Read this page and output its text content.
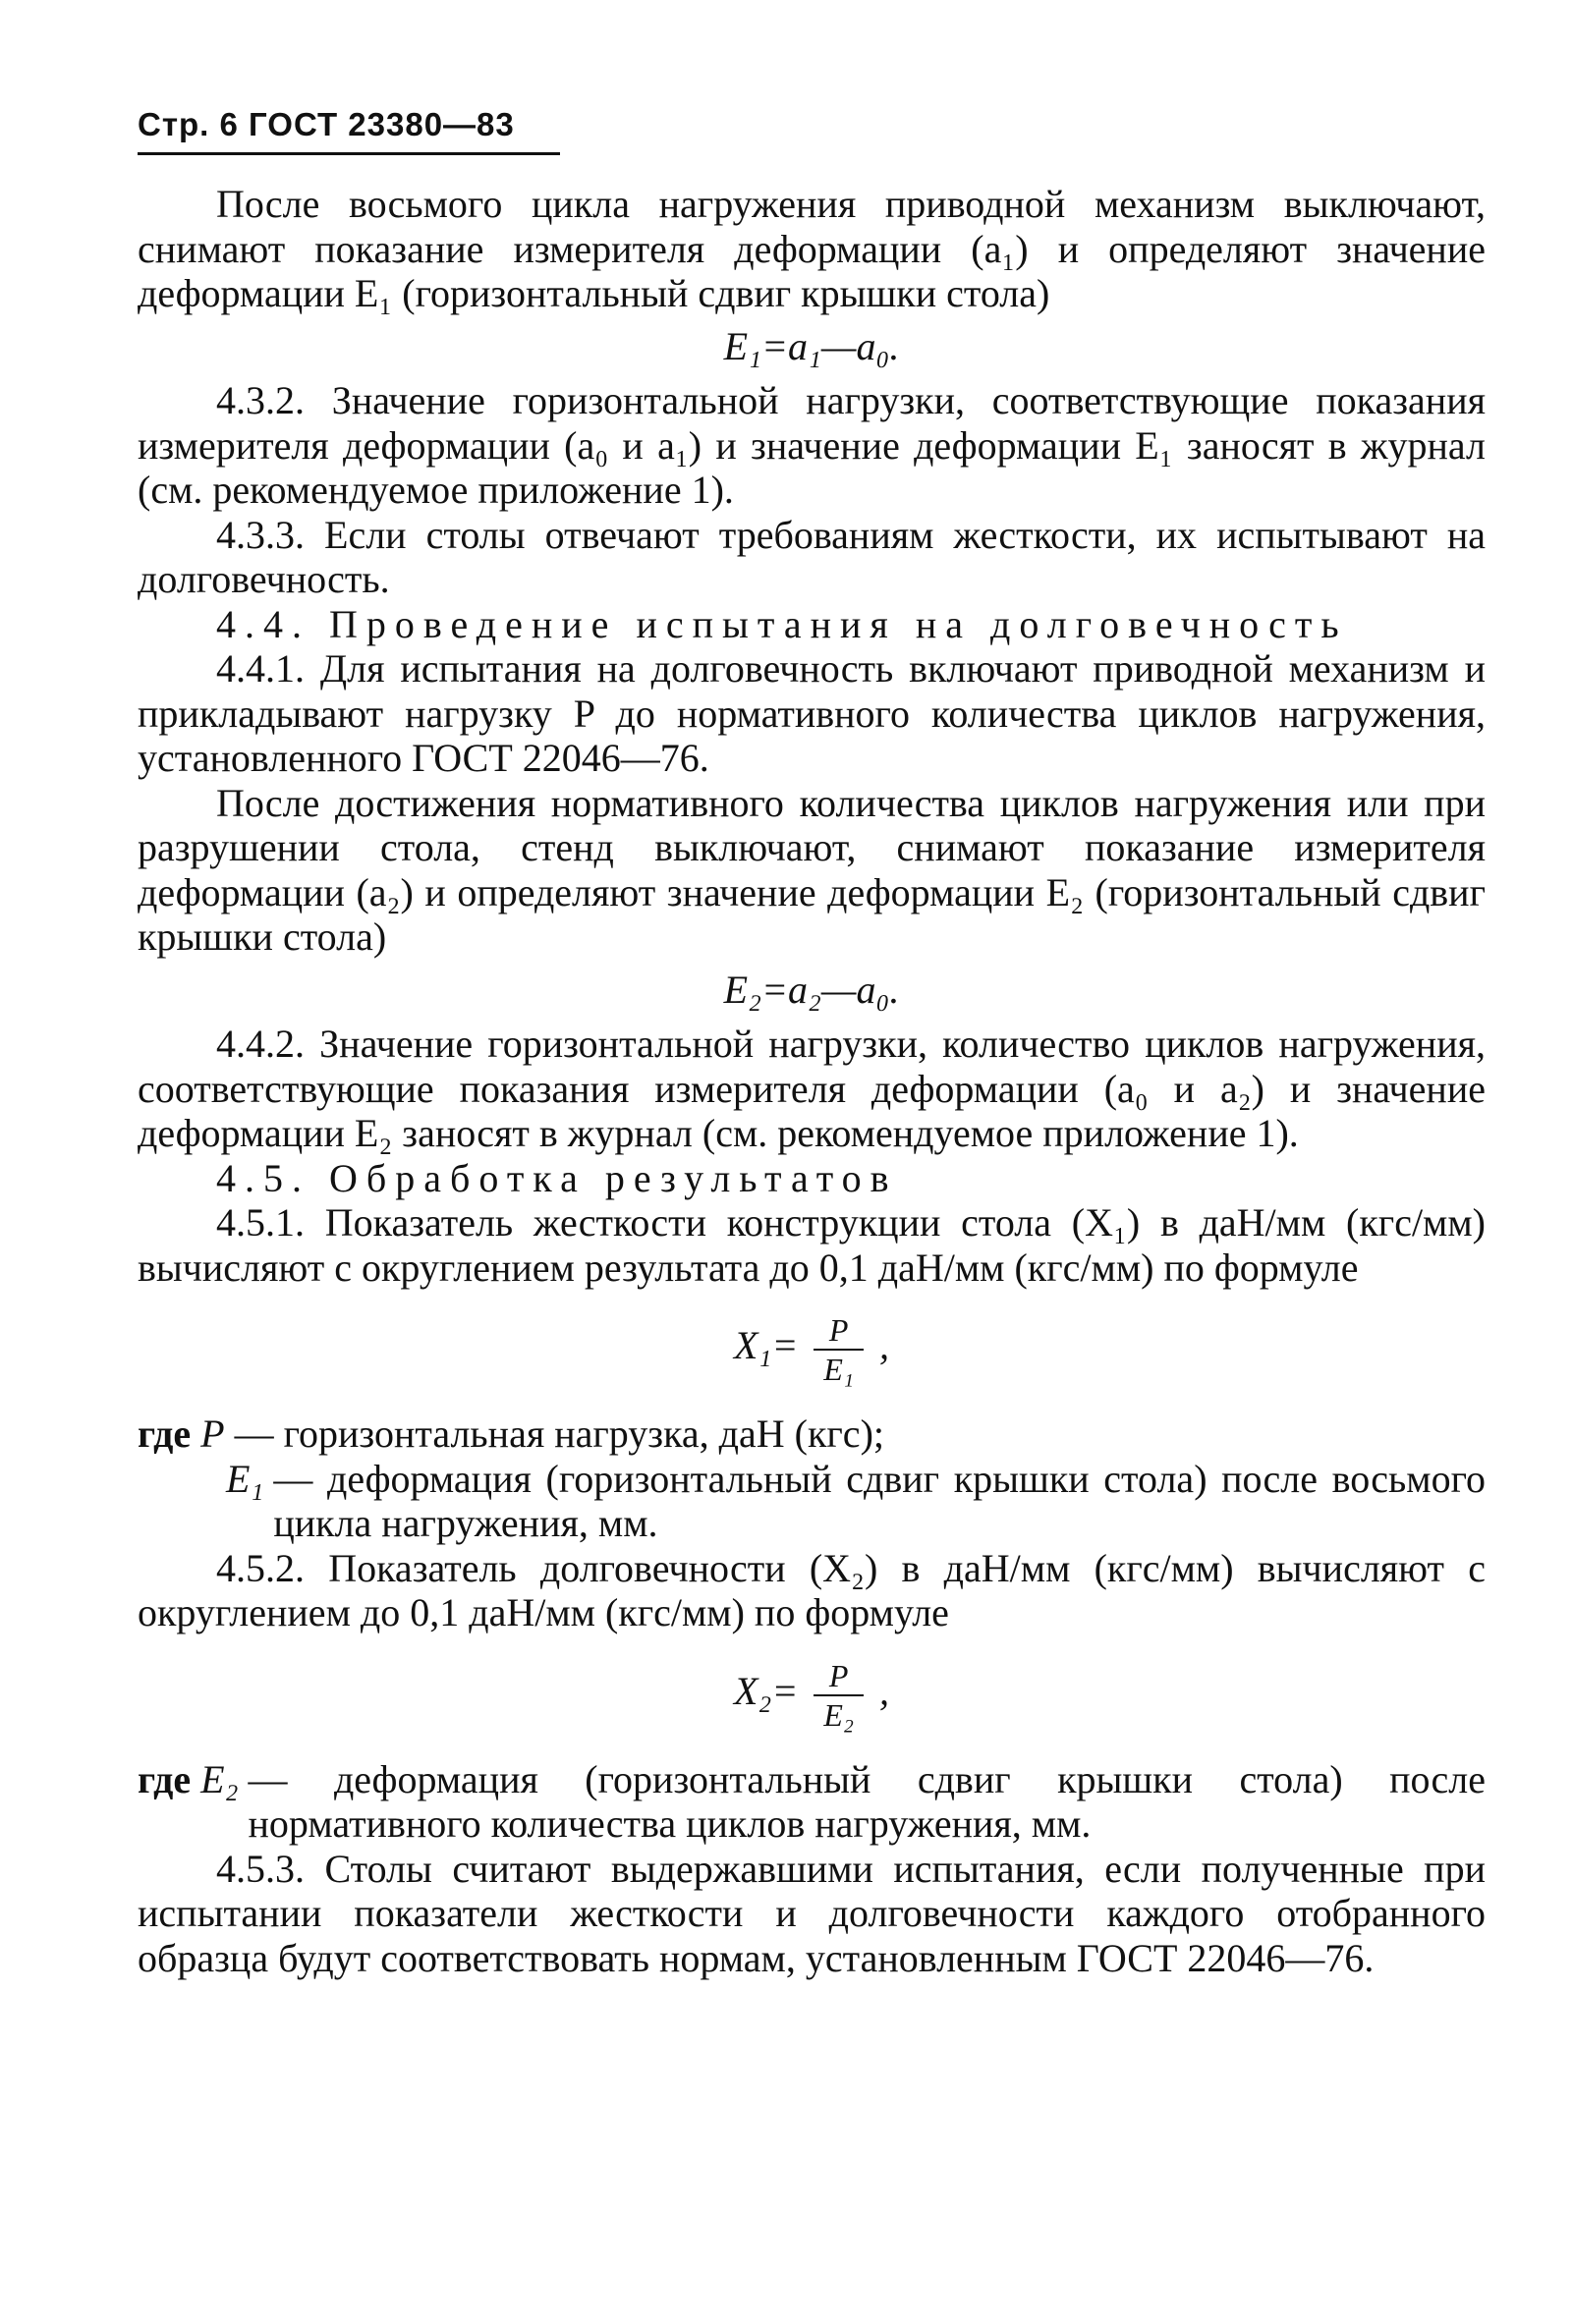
Стр. 6 ГОСТ 23380—83

После восьмого цикла нагружения приводной механизм выключают, снимают показание измерителя деформации (a₁) и определяют значение деформации E₁ (горизонтальный сдвиг крышки стола)

E₁=a₁—a₀.

4.3.2. Значение горизонтальной нагрузки, соответствующие показания измерителя деформации (a₀ и a₁) и значение деформации E₁ заносят в журнал (см. рекомендуемое приложение 1).

4.3.3. Если столы отвечают требованиям жесткости, их испытывают на долговечность.

4.4. Проведение испытания на долговечность

4.4.1. Для испытания на долговечность включают приводной механизм и прикладывают нагрузку P до нормативного количества циклов нагружения, установленного ГОСТ 22046—76.

После достижения нормативного количества циклов нагружения или при разрушении стола, стенд выключают, снимают показание измерителя деформации (a₂) и определяют значение деформации E₂ (горизонтальный сдвиг крышки стола)

E₂=a₂—a₀.

4.4.2. Значение горизонтальной нагрузки, количество циклов нагружения, соответствующие показания измерителя деформации (a₀ и a₂) и значение деформации E₂ заносят в журнал (см. рекомендуемое приложение 1).

4.5. Обработка результатов

4.5.1. Показатель жесткости конструкции стола (X₁) в даН/мм (кгс/мм) вычисляют с округлением результата до 0,1 даН/мм (кгс/мм) по формуле

$X_1= \frac{P}{\text{E₁}}$ ,
где P — горизонтальная нагрузка, даН (кгс);
E₁ — деформация (горизонтальный сдвиг крышки стола) после восьмого цикла нагружения, мм.

4.5.2. Показатель долговечности (X₂) в даН/мм (кгс/мм) вычисляют с округлением до 0,1 даН/мм (кгс/мм) по формуле

$X_2= \frac{P}{\text{E₂}}$ ,
где E₂ — деформация (горизонтальный сдвиг крышки стола) после нормативного количества циклов нагружения, мм.

4.5.3. Столы считают выдержавшими испытания, если полученные при испытании показатели жесткости и долговечности каждого отобранного образца будут соответствовать нормам, установленным ГОСТ 22046—76.
